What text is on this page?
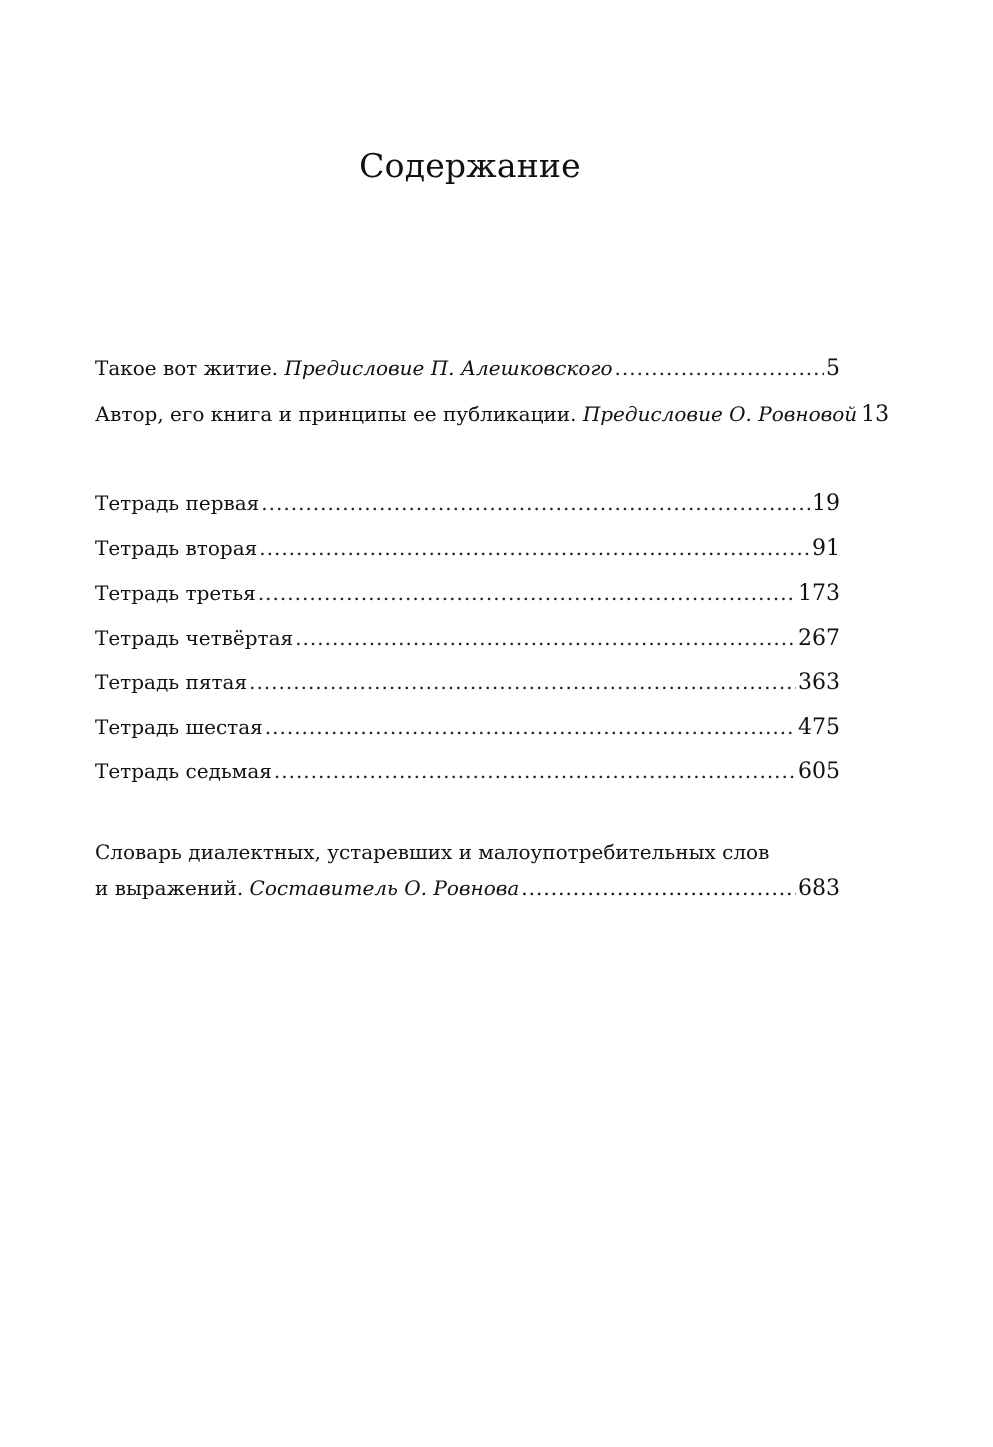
Содержание
Такое вот житие. Предисловие П. Алешковского .....	5
Автор, его книга и принципы ее публикации. Предисловие О. Ровновой 13
Тетрадь первая .....	19
Тетрадь вторая .....	91
Тетрадь третья .....	173
Тетрадь четвёртая .....	267
Тетрадь пятая .....	363
Тетрадь шестая .....	475
Тетрадь седьмая .....	605
Словарь диалектных, устаревших и малоупотребительных слов
и выражений. Составитель О. Ровнова .....	683
